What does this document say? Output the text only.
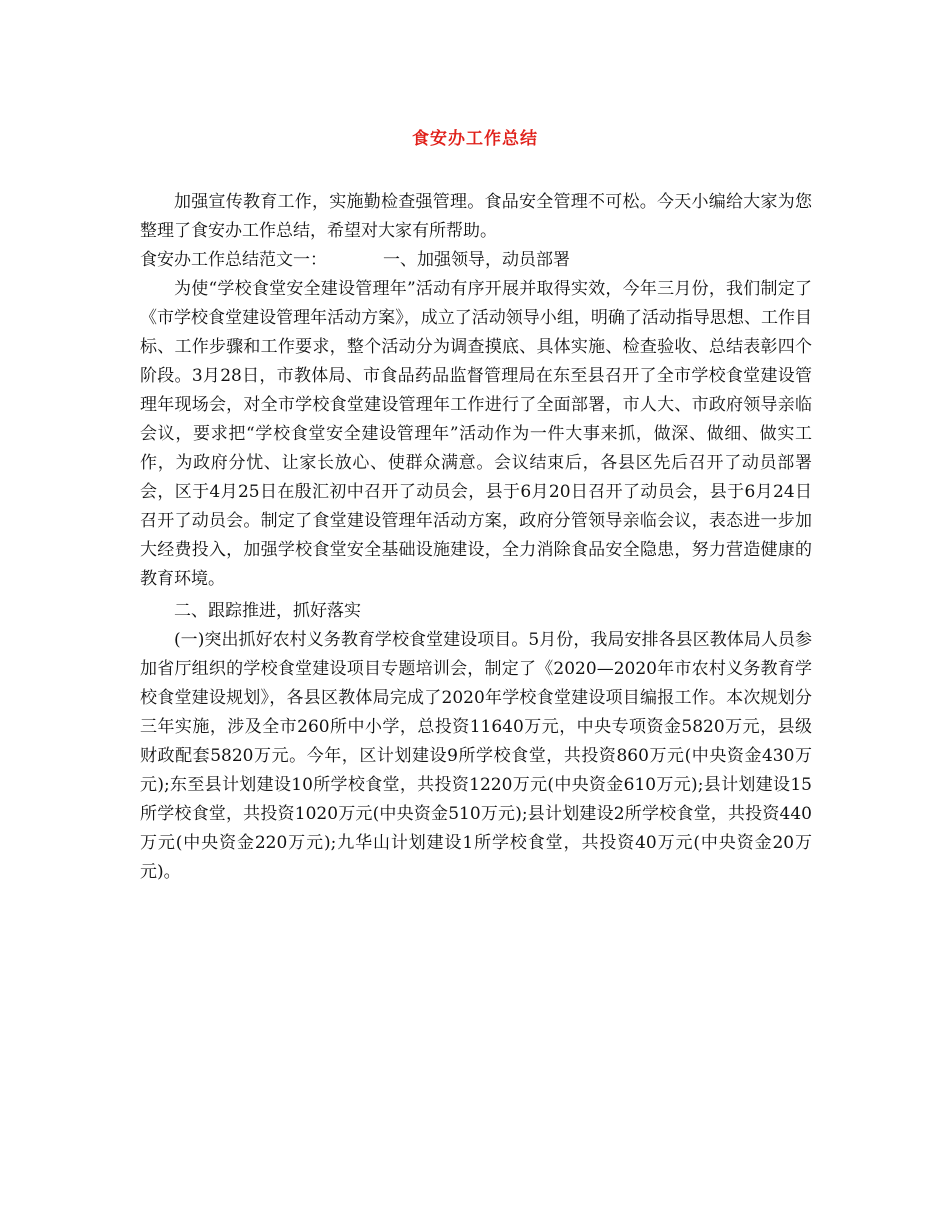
食安办工作总结

加强宣传教育工作，实施勤检查强管理。食品安全管理不可松。今天小编给大家为您整理了食安办工作总结，希望对大家有所帮助。

食安办工作总结范文一：	一、加强领导，动员部署

为使“学校食堂安全建设管理年”活动有序开展并取得实效，今年三月份，我们制定了《市学校食堂建设管理年活动方案》，成立了活动领导小组，明确了活动指导思想、工作目标、工作步骤和工作要求，整个活动分为调查摸底、具体实施、检查验收、总结表彰四个阶段。3月28日，市教体局、市食品药品监督管理局在东至县召开了全市学校食堂建设管理年现场会，对全市学校食堂建设管理年工作进行了全面部署，市人大、市政府领导亲临会议，要求把“学校食堂安全建设管理年”活动作为一件大事来抓，做深、做细、做实工作，为政府分忧、让家长放心、使群众满意。会议结束后，各县区先后召开了动员部署会，区于4月25日在殷汇初中召开了动员会，县于6月20日召开了动员会，县于6月24日召开了动员会。制定了食堂建设管理年活动方案，政府分管领导亲临会议，表态进一步加大经费投入，加强学校食堂安全基础设施建设，全力消除食品安全隐患，努力营造健康的教育环境。

二、跟踪推进，抓好落实

(一)突出抓好农村义务教育学校食堂建设项目。5月份，我局安排各县区教体局人员参加省厅组织的学校食堂建设项目专题培训会，制定了《2020—2020年市农村义务教育学校食堂建设规划》，各县区教体局完成了2020年学校食堂建设项目编报工作。本次规划分三年实施，涉及全市260所中小学，总投资11640万元，中央专项资金5820万元，县级财政配套5820万元。今年，区计划建设9所学校食堂，共投资860万元(中央资金430万元);东至县计划建设10所学校食堂，共投资1220万元(中央资金610万元);县计划建设15所学校食堂，共投资1020万元(中央资金510万元);县计划建设2所学校食堂，共投资440万元(中央资金220万元);九华山计划建设1所学校食堂，共投资40万元(中央资金20万元)。
